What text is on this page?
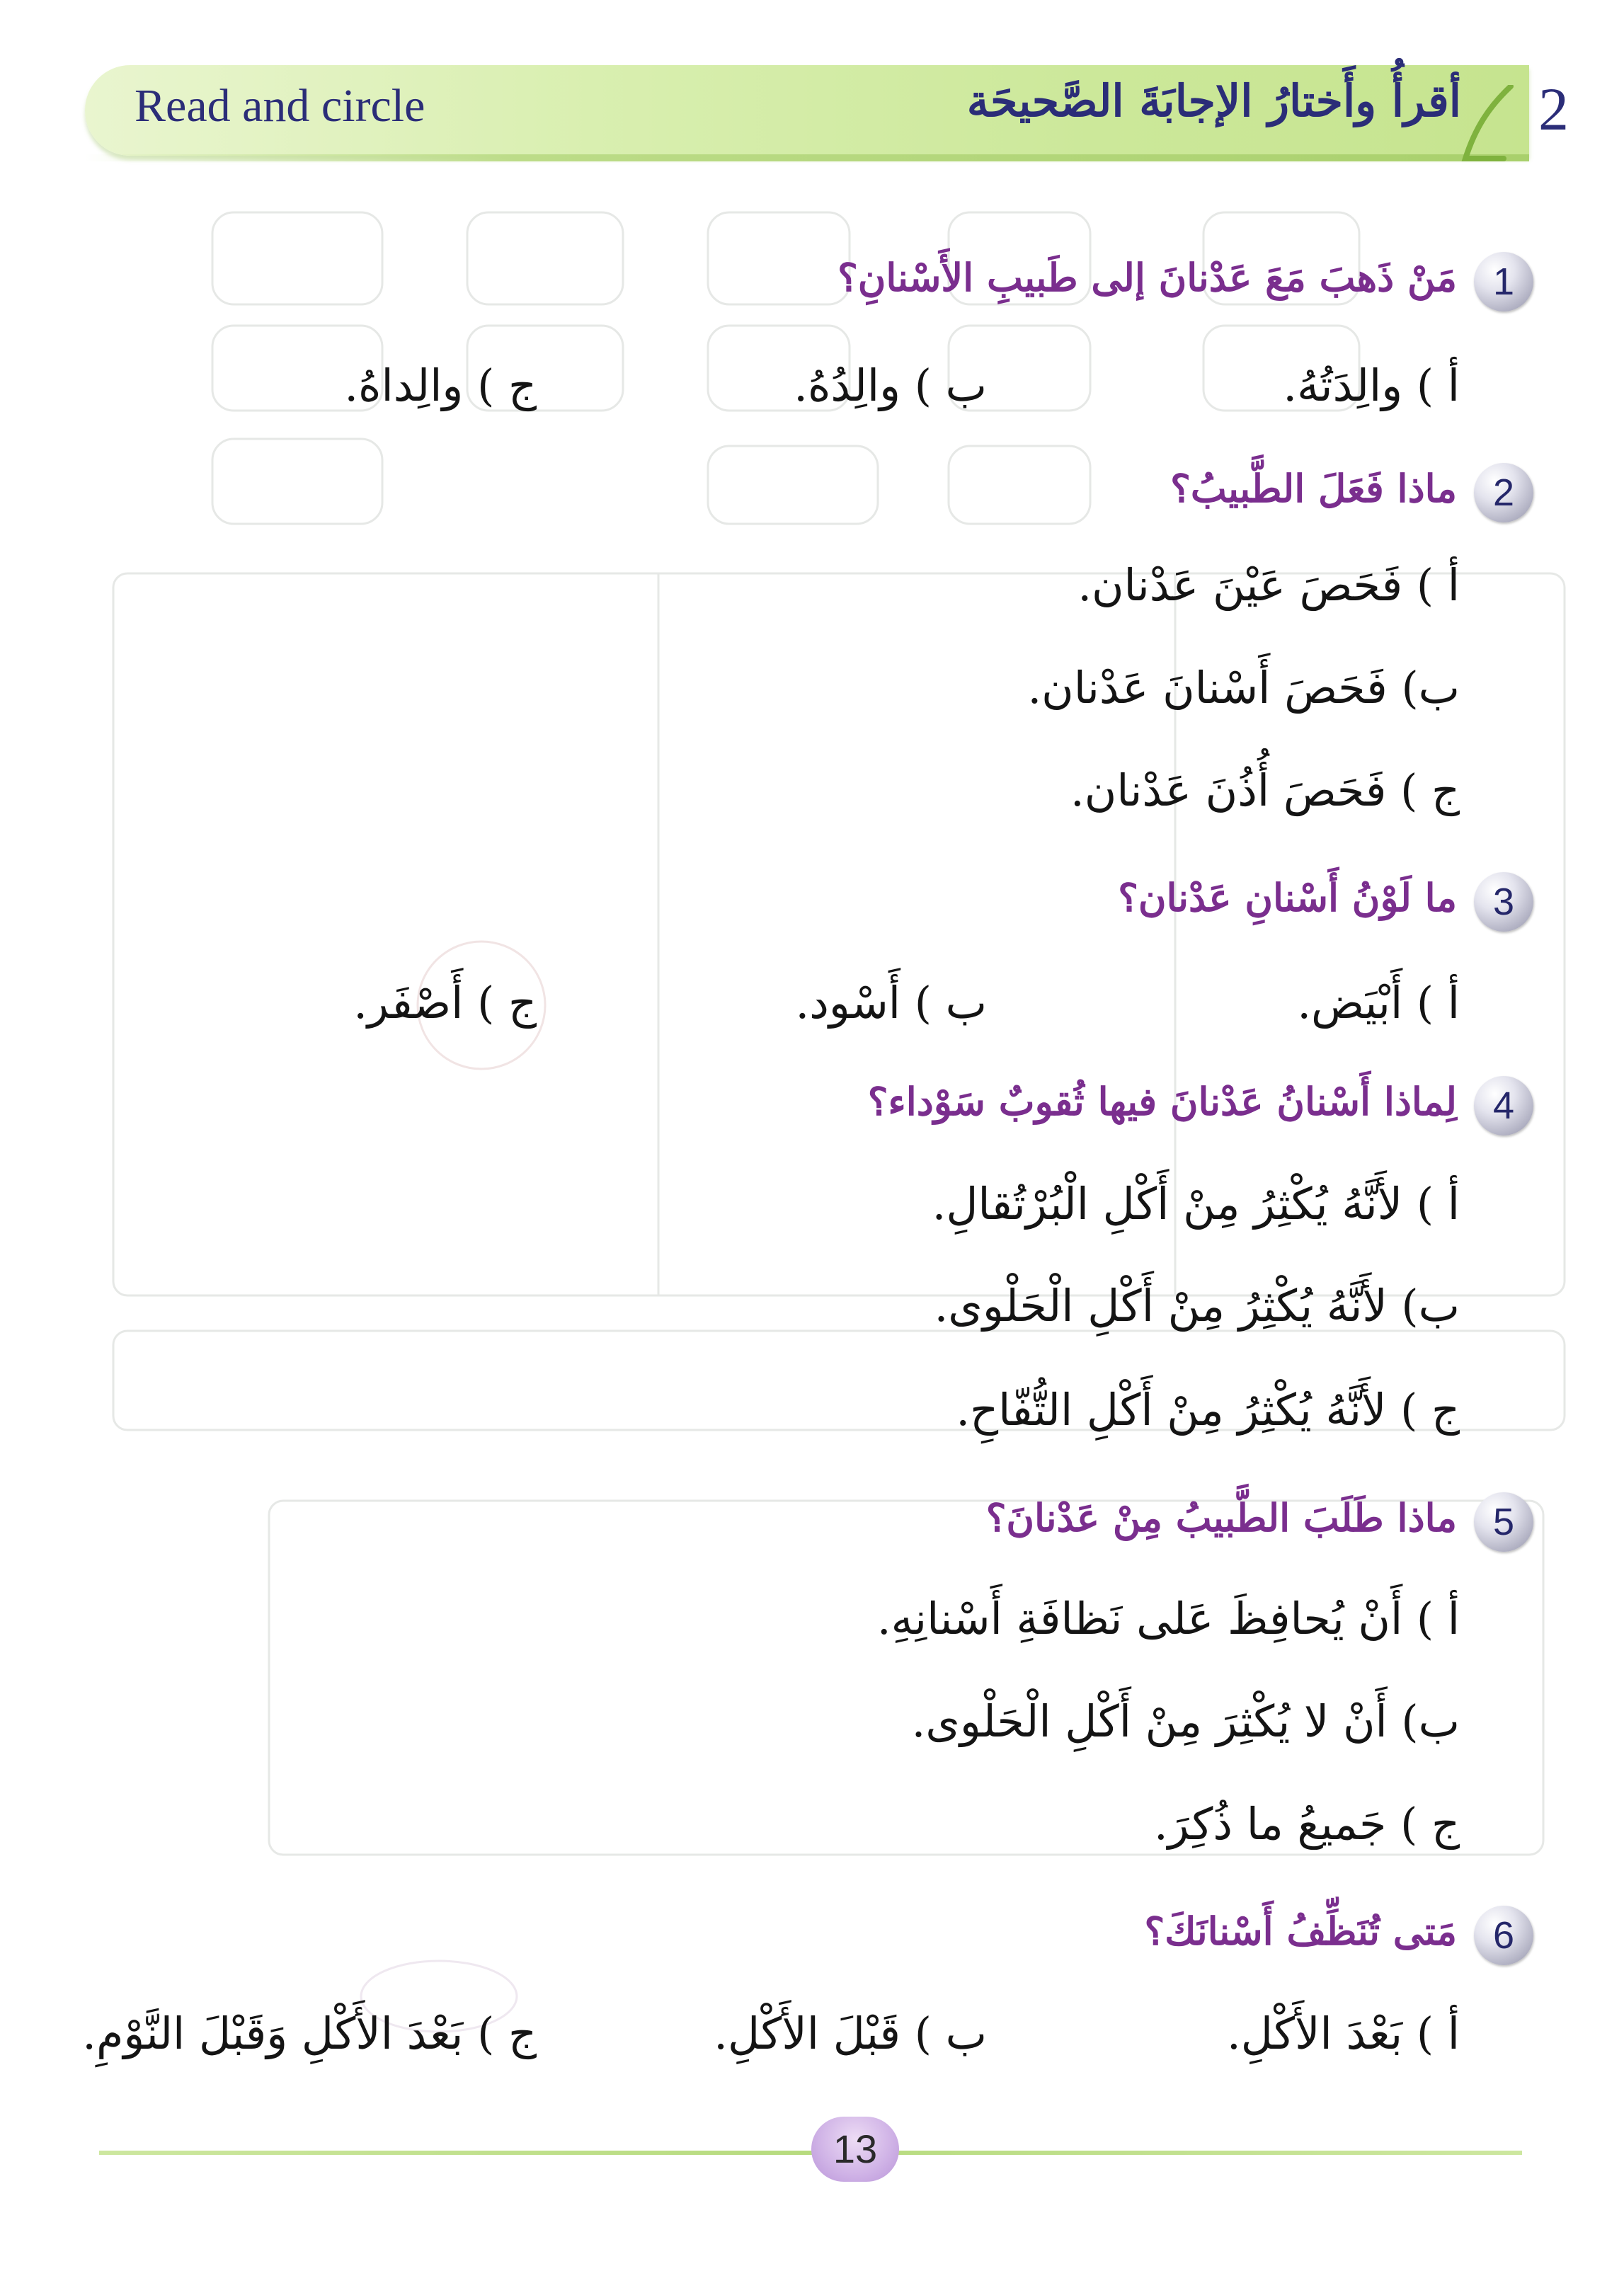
Read and circle	أقرأُ وأَختارُ الإجابَةَ الصَّحيحَة 2
1
مَنْ ذَهبَ مَعَ عَدْنانَ إلى طَبيبِ الأَسْنانِ؟
أ ) والِدَتُهُ.
ب ) والِدُهُ.
ج ) والِداهُ.
2
ماذا فَعَلَ الطَّبيبُ؟
أ ) فَحَصَ عَيْنَ عَدْنان.
ب) فَحَصَ أَسْنانَ عَدْنان.
ج ) فَحَصَ أُذُنَ عَدْنان.
3
ما لَوْنُ أَسْنانِ عَدْنان؟
أ ) أَبْيَض.
ب ) أَسْود.
ج ) أَصْفَر.
4
لِماذا أَسْنانُ عَدْنانَ فيها ثُقوبٌ سَوْداء؟
أ ) لأَنَّهُ يُكْثِرُ مِنْ أَكْلِ الْبُرْتُقالِ.
ب) لأَنَّهُ يُكْثِرُ مِنْ أَكْلِ الْحَلْوى.
ج ) لأَنَّهُ يُكْثِرُ مِنْ أَكْلِ التُّفّاحِ.
5
ماذا طَلَبَ الطَّبيبُ مِنْ عَدْنانَ؟
أ ) أَنْ يُحافِظَ عَلى نَظافَةِ أَسْنانِهِ.
ب) أَنْ لا يُكْثِرَ مِنْ أَكْلِ الْحَلْوى.
ج ) جَميعُ ما ذُكِرَ.
6
مَتى تُنَظِّفُ أَسْنانَكَ؟
أ ) بَعْدَ الأَكْلِ.
ب ) قَبْلَ الأَكْلِ.
ج ) بَعْدَ الأَكْلِ وَقَبْلَ النَّوْمِ.
13
